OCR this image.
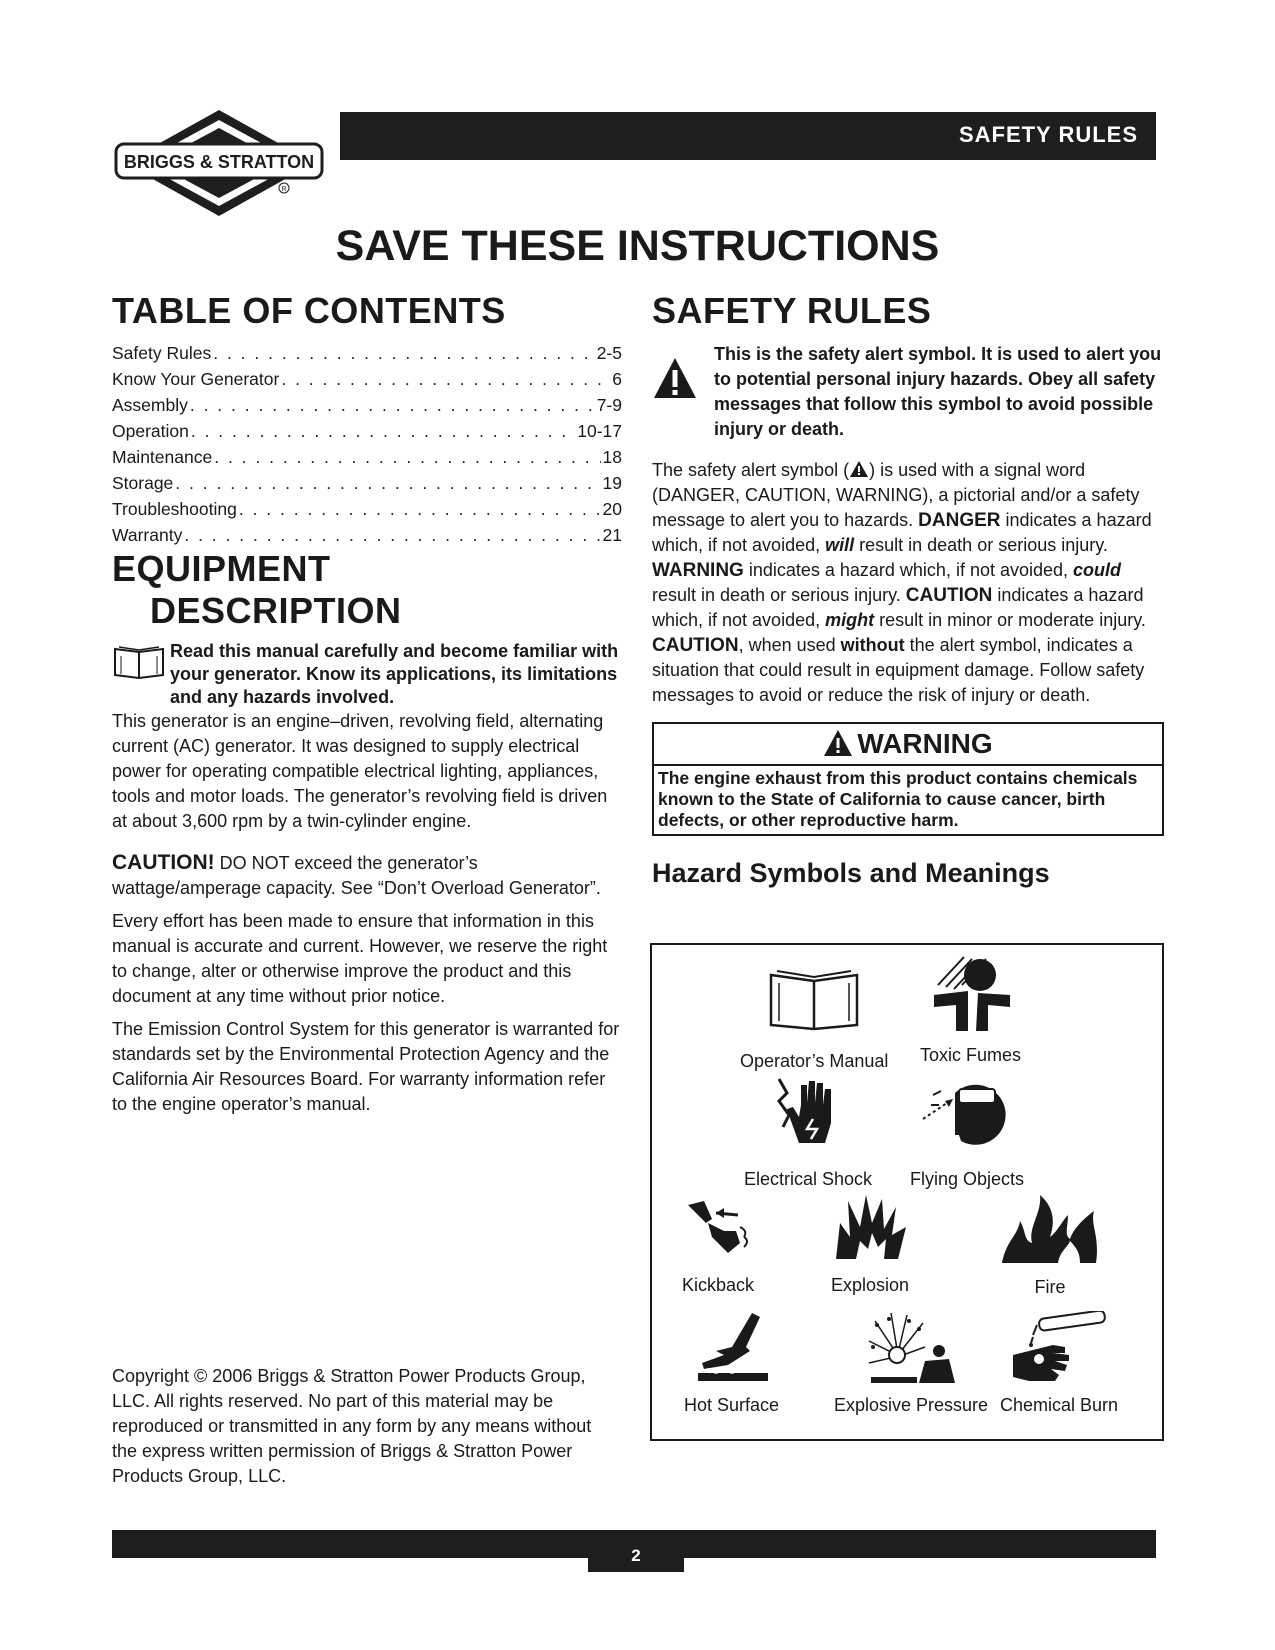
BRIGGS & STRATTON
R
SAFETY RULES
SAVE THESE INSTRUCTIONS
TABLE OF CONTENTS
Safety Rules . . .	2-5
Know Your Generator . . .	6
Assembly . . .	7-9
Operation . . .	10-17
Maintenance . . .	18
Storage . . .	19
Troubleshooting . . .	20
Warranty . . .	21
EQUIPMENT
DESCRIPTION
Read this manual carefully and become familiar with your generator. Know its applications, its limitations and any hazards involved.

This generator is an engine–driven, revolving field, alternating current (AC) generator. It was designed to supply electrical power for operating compatible electrical lighting, appliances, tools and motor loads. The generator’s revolving field is driven at about 3,600 rpm by a twin-cylinder engine.

CAUTION! DO NOT exceed the generator’s wattage/amperage capacity. See “Don’t Overload Generator”.

Every effort has been made to ensure that information in this manual is accurate and current. However, we reserve the right to change, alter or otherwise improve the product and this document at any time without prior notice.

The Emission Control System for this generator is warranted for standards set by the Environmental Protection Agency and the California Air Resources Board. For warranty information refer to the engine operator’s manual.

Copyright © 2006 Briggs & Stratton Power Products Group, LLC. All rights reserved. No part of this material may be reproduced or transmitted in any form by any means without the express written permission of Briggs & Stratton Power Products Group, LLC.
SAFETY RULES
This is the safety alert symbol. It is used to alert you to potential personal injury hazards. Obey all safety messages that follow this symbol to avoid possible injury or death.

The safety alert symbol ( ) is used with a signal word (DANGER, CAUTION, WARNING), a pictorial and/or a safety message to alert you to hazards. DANGER indicates a hazard which, if not avoided, will result in death or serious injury. WARNING indicates a hazard which, if not avoided, could result in death or serious injury. CAUTION indicates a hazard which, if not avoided, might result in minor or moderate injury. CAUTION, when used without the alert symbol, indicates a situation that could result in equipment damage. Follow safety messages to avoid or reduce the risk of injury or death.

WARNING
The engine exhaust from this product contains chemicals known to the State of California to cause cancer, birth defects, or other reproductive harm.
Hazard Symbols and Meanings
Operator’s Manual Toxic Fumes
Electrical Shock Flying Objects
Kickback	Explosion	Fire
Hot Surface	Explosive Pressure Chemical Burn
2
